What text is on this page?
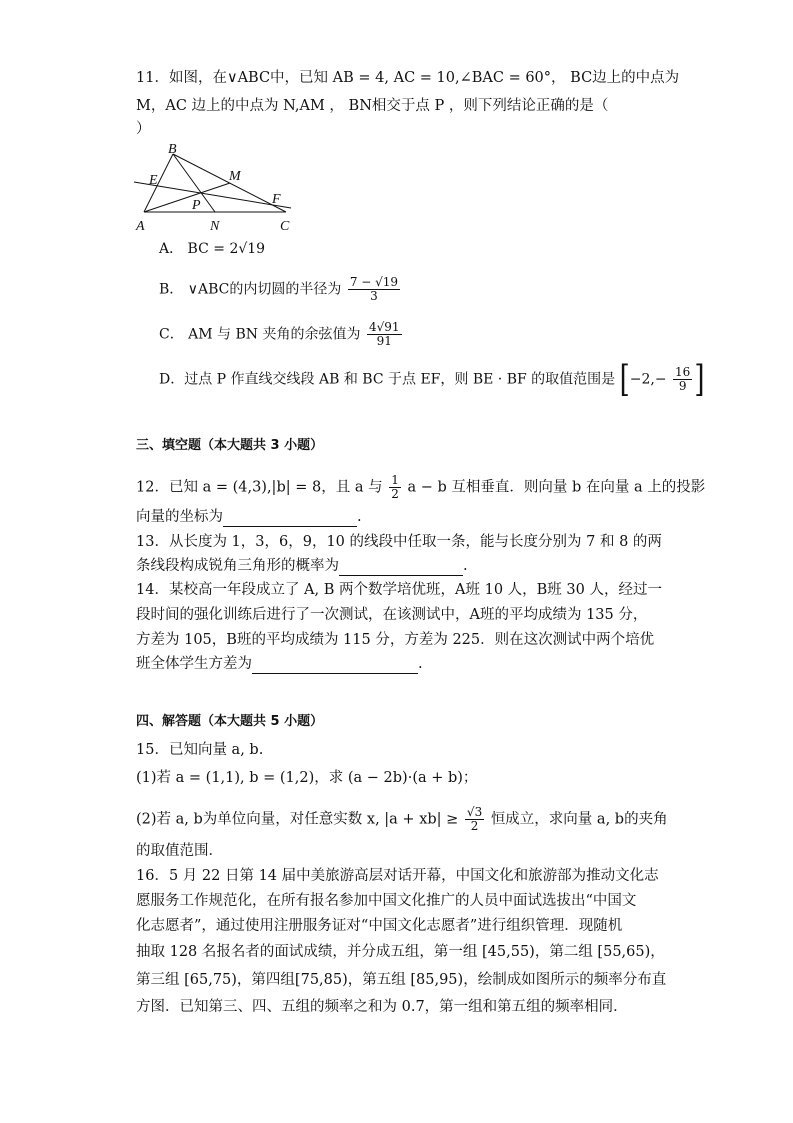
11．如图，在∨ABC中，已知 AB = 4, AC = 10,∠BAC = 60°， BC边上的中点为
M，AC 边上的中点为 N,AM ， BN相交于点 P ，则下列结论正确的是（
）
B
E	M
P	F
A	N	C
A． BC = 2√19
B． ∨ABC的内切圆的半径为 $\frac{7 - √19}{3}$
C． AM 与 BN 夹角的余弦值为 $\frac{4√91}{91}$
D．过点 P 作直线交线段 AB 和 BC 于点 EF，则 BE · BF 的取值范围是 [$-2,- \frac{16}{9}$ ]
三、填空题（本大题共 3 小题）
12．已知 a = (4,3),|b| = 8，且 a 与 $\frac{1}{2}$ a − b 互相垂直．则向量 b 在向量 a 上的投影
向量的坐标为	.
13．从长度为 1，3，6，9，10 的线段中任取一条，能与长度分别为 7 和 8 的两
条线段构成锐角三角形的概率为	.
14．某校高一年段成立了 A, B 两个数学培优班，A班 10 人，B班 30 人，经过一
段时间的强化训练后进行了一次测试，在该测试中，A班的平均成绩为 135 分，
方差为 105，B班的平均成绩为 115 分，方差为 225．则在这次测试中两个培优
班全体学生方差为	.
四、解答题（本大题共 5 小题）
15．已知向量 a, b.
(1)若 a = (1,1), b = (1,2)，求 (a − 2b)·(a + b)；
(2)若 a, b为单位向量，对任意实数 x, $|a + xb| \ge \frac{√3}{2}$ 恒成立，求向量 a, b的夹角
的取值范围．
16．5 月 22 日第 14 届中美旅游高层对话开幕，中国文化和旅游部为推动文化志
愿服务工作规范化，在所有报名参加中国文化推广的人员中面试选拔出“中国文
化志愿者”，通过使用注册服务证对“中国文化志愿者”进行组织管理．现随机
抽取 128 名报名者的面试成绩，并分成五组，第一组 [45,55)，第二组 [55,65)，
第三组 [65,75)，第四组[75,85)，第五组 [85,95)，绘制成如图所示的频率分布直
方图．已知第三、四、五组的频率之和为 0.7，第一组和第五组的频率相同．
